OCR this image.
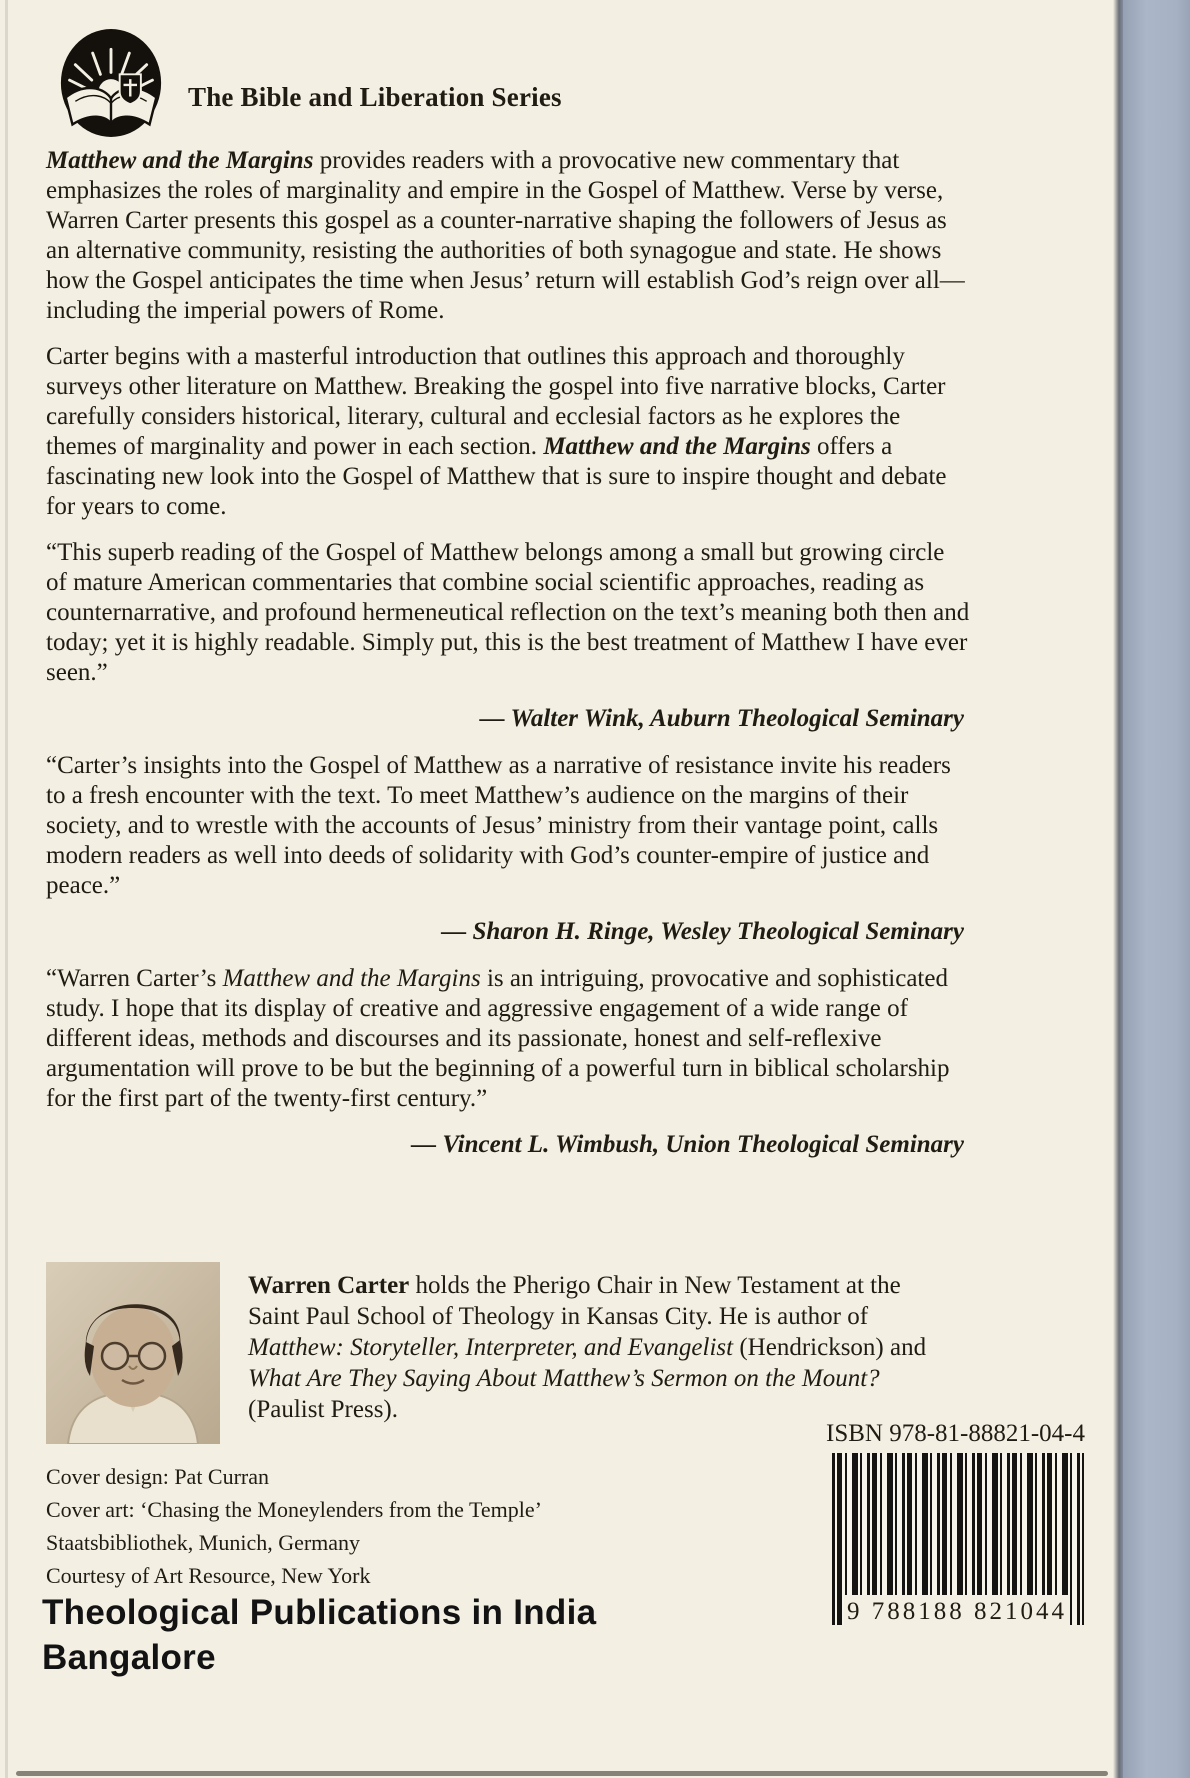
The Bible and Liberation Series

Matthew and the Margins provides readers with a provocative new commentary that emphasizes the roles of marginality and empire in the Gospel of Matthew. Verse by verse, Warren Carter presents this gospel as a counter-narrative shaping the followers of Jesus as an alternative community, resisting the authorities of both synagogue and state. He shows how the Gospel anticipates the time when Jesus’ return will establish God’s reign over all—including the imperial powers of Rome.

Carter begins with a masterful introduction that outlines this approach and thoroughly surveys other literature on Matthew. Breaking the gospel into five narrative blocks, Carter carefully considers historical, literary, cultural and ecclesial factors as he explores the themes of marginality and power in each section. Matthew and the Margins offers a fascinating new look into the Gospel of Matthew that is sure to inspire thought and debate for years to come.

“This superb reading of the Gospel of Matthew belongs among a small but growing circle of mature American commentaries that combine social scientific approaches, reading as counternarrative, and profound hermeneutical reflection on the text’s meaning both then and today; yet it is highly readable. Simply put, this is the best treatment of Matthew I have ever seen.”

— Walter Wink, Auburn Theological Seminary

“Carter’s insights into the Gospel of Matthew as a narrative of resistance invite his readers to a fresh encounter with the text. To meet Matthew’s audience on the margins of their society, and to wrestle with the accounts of Jesus’ ministry from their vantage point, calls modern readers as well into deeds of solidarity with God’s counter-empire of justice and peace.”

— Sharon H. Ringe, Wesley Theological Seminary

“Warren Carter’s Matthew and the Margins is an intriguing, provocative and sophisticated study. I hope that its display of creative and aggressive engagement of a wide range of different ideas, methods and discourses and its passionate, honest and self-reflexive argumentation will prove to be but the beginning of a powerful turn in biblical scholarship for the first part of the twenty-first century.”

— Vincent L. Wimbush, Union Theological Seminary
Warren Carter holds the Pherigo Chair in New Testament at the Saint Paul School of Theology in Kansas City. He is author of Matthew: Storyteller, Interpreter, and Evangelist (Hendrickson) and What Are They Saying About Matthew’s Sermon on the Mount? (Paulist Press).
ISBN 978-81-88821-04-4
9 788188 821044
Cover design: Pat Curran
Cover art: ‘Chasing the Moneylenders from the Temple’
Staatsbibliothek, Munich, Germany
Courtesy of Art Resource, New York
Theological Publications in India
Bangalore
